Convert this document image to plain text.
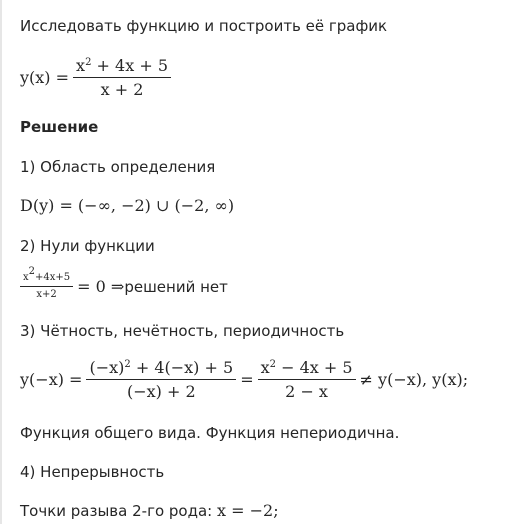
Исследовать функцию и построить её график
$y(x) = \frac{x^2 + 4x + 5}{x + 2}$
Решение
1) Область определения
D(y) = (−∞, −2) ∪ (−2, ∞)
2) Нули функции
$\frac{x^2+4x+5}{x+2} = 0$ ⇒ решений нет
3) Чётность, нечётность, периодичность
$y(-x) = \frac{(-x)^2 + 4(-x) + 5}{(-x) + 2} = \frac{x^2 - 4x + 5}{2 - x} \ne y(-x)$, y(x);
Функция общего вида. Функция непериодична.
4) Непрерывность
Точки разыва 2-го рода: x = −2;
